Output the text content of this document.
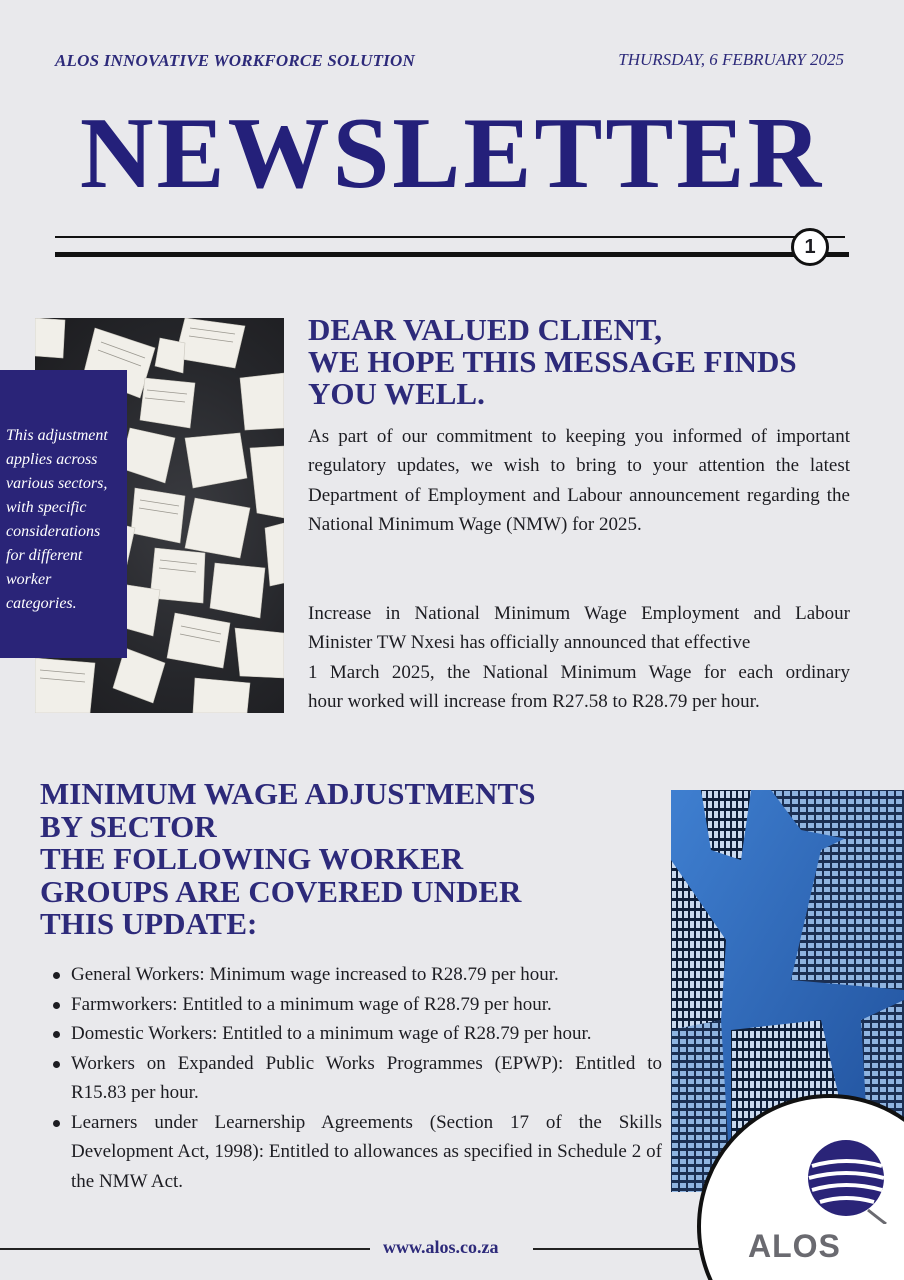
ALOS INNOVATIVE WORKFORCE SOLUTION	THURSDAY, 6 FEBRUARY 2025
NEWSLETTER
1
This adjustment applies across various sectors, with specific considerations for different worker categories.
DEAR VALUED CLIENT,
WE HOPE THIS MESSAGE FINDS
YOU WELL.

As part of our commitment to keeping you informed of important regulatory updates, we wish to bring to your attention the latest Department of Employment and Labour announcement regarding the National Minimum Wage (NMW) for 2025.

Increase in National Minimum Wage Employment and Labour
Minister TW Nxesi has officially announced that effective
1 March 2025, the National Minimum Wage for each ordinary
hour worked will increase from R27.58 to R28.79 per hour.
MINIMUM WAGE ADJUSTMENTS
BY SECTOR
THE FOLLOWING WORKER
GROUPS ARE COVERED UNDER
THIS UPDATE:
General Workers: Minimum wage increased to R28.79 per hour.
Farmworkers: Entitled to a minimum wage of R28.79 per hour.
Domestic Workers: Entitled to a minimum wage of R28.79 per hour.
Workers on Expanded Public Works Programmes (EPWP): Entitled to R15.83 per hour.
Learners under Learnership Agreements (Section 17 of the Skills Development Act, 1998): Entitled to allowances as specified in Schedule 2 of the NMW Act.
ALOS
www.alos.co.za
